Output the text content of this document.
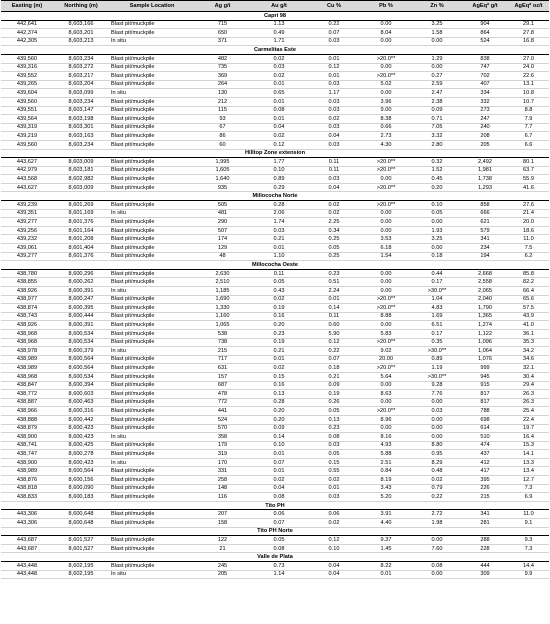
Easting (m)	Northing (m)	Sample Location	Ag g/t	Au g/t	Cu %	Pb %	Zn %	AgEq* g/t	AgEq* oz/t
Capri 98									
442,641	8,603,166	Blast pit/muckpile	715	1.13	0.22	0.00	3.25	904	29.1
442,374	8,603,201	Blast pit/muckpile	650	0.49	0.07	8.04	1.58	864	27.8
442,305	8,603,213	In situ	371	1.71	0.03	0.00	0.00	524	16.8
Carmelitas Este									
439,560	8,603,234	Blast pit/muckpile	482	0.02	0.01	>20.0**	1.29	838	27.0
439,316	8,603,272	Blast pit/muckpile	735	0.03	0.12	0.00	0.00	747	24.0
439,552	8,603,217	Blast pit/muckpile	369	0.02	0.01	>20.0**	0.27	702	22.6
439,265	8,603,204	Blast pit/muckpile	264	0.01	0.03	5.02	2.59	407	13.1
439,604	8,603,099	In situ	130	0.65	1.17	0.00	2.47	334	10.8
439,560	8,603,234	Blast pit/muckpile	212	0.01	0.03	3.96	2.38	332	10.7
439,551	8,603,147	Blast pit/muckpile	115	0.08	0.03	9.00	0.09	273	8.8
439,564	8,603,198	Blast pit/muckpile	93	0.01	0.02	8.38	0.71	247	7.9
439,319	8,603,301	Blast pit/muckpile	67	0.04	0.03	0.66	7.05	240	7.7
439,219	8,603,163	Blast pit/muckpile	86	0.02	0.04	2.73	3.32	208	6.7
439,560	8,603,234	Blast pit/muckpile	60	0.12	0.03	4.30	2.80	205	6.6
Hilltop Zone extension									
443,627	8,603,009	Blast pit/muckpile	1,995	1.77	0.11	>20.0**	0.32	2,492	80.1
442,979	8,603,181	Blast pit/muckpile	1,605	0.10	0.11	>20.0**	1.52	1,981	63.7
443,568	8,602,982	Blast pit/muckpile	1,640	0.89	0.03	0.00	0.45	1,738	55.9
443,627	8,603,009	Blast pit/muckpile	935	0.29	0.04	>20.0**	0.20	1,293	41.6
Millococha Norte									
439,239	8,601,269	Blast pit/muckpile	505	0.28	0.02	>20.0**	0.10	858	27.6
439,351	8,601,169	In situ	481	2.06	0.02	0.00	0.05	666	21.4
439,277	8,601,376	Blast pit/muckpile	290	1.74	2.25	0.00	0.00	621	20.0
439,256	8,601,164	Blast pit/muckpile	507	0.03	0.34	0.00	1.93	579	18.6
439,232	8,601,208	Blast pit/muckpile	174	0.21	0.25	3.53	3.25	341	11.0
439,061	8,601,404	Blast pit/muckpile	129	0.01	0.05	6.18	0.00	234	7.5
439,277	8,601,376	Blast pit/muckpile	48	1.10	0.25	1.54	0.18	194	6.2
Millococha Oeste									
438,780	8,600,296	Blast pit/muckpile	2,630	0.11	0.23	0.00	0.44	2,668	85.8
438,855	8,600,262	Blast pit/muckpile	2,510	0.05	0.51	0.00	0.17	2,558	82.2
438,926	8,600,391	In situ	1,185	0.43	2.24	0.00	>30.0**	2,065	66.4
438,977	8,600,247	Blast pit/muckpile	1,690	0.02	0.01	>20.0**	1.04	2,040	65.6
438,874	8,600,395	Blast pit/muckpile	1,330	0.19	0.14	>20.0**	4.83	1,790	57.5
438,743	8,600,444	Blast pit/muckpile	1,160	0.16	0.11	8.88	1.69	1,365	43.9
438,926	8,600,391	Blast pit/muckpile	1,065	0.20	0.60	0.00	6.51	1,274	41.0
438,968	8,600,534	Blast pit/muckpile	538	0.23	5.90	5.83	0.17	1,122	36.1
438,968	8,600,534	Blast pit/muckpile	738	0.19	0.12	>20.0**	0.35	1,096	35.3
438,978	8,600,379	In situ	215	0.21	0.22	9.02	>30.0**	1,064	34.2
438,989	8,600,564	Blast pit/muckpile	717	0.01	0.07	20.00	0.89	1,076	34.6
438,989	8,600,564	Blast pit/muckpile	631	0.02	0.18	>20.0**	1.19	999	32.1
438,968	8,600,534	Blast pit/muckpile	157	0.15	0.21	5.64	>30.0**	945	30.4
438,847	8,600,394	Blast pit/muckpile	687	0.16	0.09	0.00	9.28	915	29.4
438,772	8,600,603	Blast pit/muckpile	478	0.13	0.19	8.63	7.76	817	26.3
438,887	8,600,463	Blast pit/muckpile	772	0.28	0.26	0.00	0.00	817	26.3
438,966	8,600,316	Blast pit/muckpile	441	0.20	0.05	>20.0**	0.03	788	25.4
438,888	8,600,442	Blast pit/muckpile	524	0.20	0.13	8.96	0.00	698	22.4
438,879	8,600,423	Blast pit/muckpile	570	0.09	0.23	0.00	0.00	614	19.7
438,900	8,600,423	In situ	358	0.14	0.08	8.16	0.00	510	16.4
438,741	8,600,425	Blast pit/muckpile	179	0.10	0.03	4.93	8.80	474	15.3
438,747	8,600,278	Blast pit/muckpile	319	0.01	0.05	5.88	0.95	437	14.1
438,900	8,600,423	In situ	170	0.07	0.15	2.51	8.29	412	13.3
438,989	8,600,564	Blast pit/muckpile	331	0.01	0.55	0.84	0.48	417	13.4
438,876	8,600,156	Blast pit/muckpile	258	0.02	0.02	8.19	0.02	395	12.7
438,818	8,600,090	Blast pit/muckpile	148	0.04	0.01	3.43	0.79	226	7.3
438,833	8,600,183	Blast pit/muckpile	116	0.08	0.03	5.20	0.22	215	6.9
Tito PH									
443,306	8,600,648	Blast pit/muckpile	207	0.06	0.06	3.91	2.72	341	11.0
443,306	8,600,648	Blast pit/muckpile	158	0.07	0.02	4.40	1.98	281	9.1
Tito PH Norte									
443,687	8,601,527	Blast pit/muckpile	122	0.05	0.12	9.37	0.00	288	9.3
443,687	8,601,527	Blast pit/muckpile	21	0.08	0.10	1.45	7.60	228	7.3
Valle de Plata									
443,448	8,602,195	Blast pit/muckpile	245	0.73	0.04	8.22	0.08	444	14.4
443,448	8,602,195	In situ	205	1.14	0.04	0.01	0.00	309	9.9
